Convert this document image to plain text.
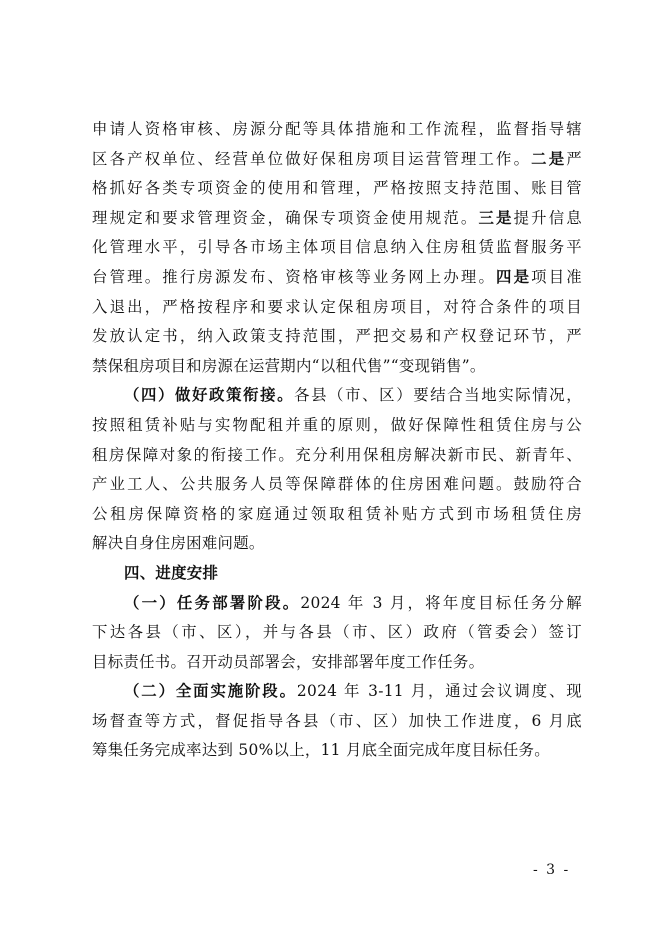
申请人资格审核、房源分配等具体措施和工作流程，监督指导辖
区各产权单位、经营单位做好保租房项目运营管理工作。二是严
格抓好各类专项资金的使用和管理，严格按照支持范围、账目管
理规定和要求管理资金，确保专项资金使用规范。三是提升信息
化管理水平，引导各市场主体项目信息纳入住房租赁监督服务平
台管理。推行房源发布、资格审核等业务网上办理。四是项目准
入退出，严格按程序和要求认定保租房项目，对符合条件的项目
发放认定书，纳入政策支持范围，严把交易和产权登记环节，严
禁保租房项目和房源在运营期内“以租代售”“变现销售”。
（四）做好政策衔接。各县（市、区）要结合当地实际情况，
按照租赁补贴与实物配租并重的原则，做好保障性租赁住房与公
租房保障对象的衔接工作。充分利用保租房解决新市民、新青年、
产业工人、公共服务人员等保障群体的住房困难问题。鼓励符合
公租房保障资格的家庭通过领取租赁补贴方式到市场租赁住房
解决自身住房困难问题。
四、进度安排
（一）任务部署阶段。2024 年 3 月，将年度目标任务分解
下达各县（市、区），并与各县（市、区）政府（管委会）签订
目标责任书。召开动员部署会，安排部署年度工作任务。
（二）全面实施阶段。2024 年 3-11 月，通过会议调度、现
场督查等方式，督促指导各县（市、区）加快工作进度，6 月底
筹集任务完成率达到 50%以上，11 月底全面完成年度目标任务。
- 3 -
